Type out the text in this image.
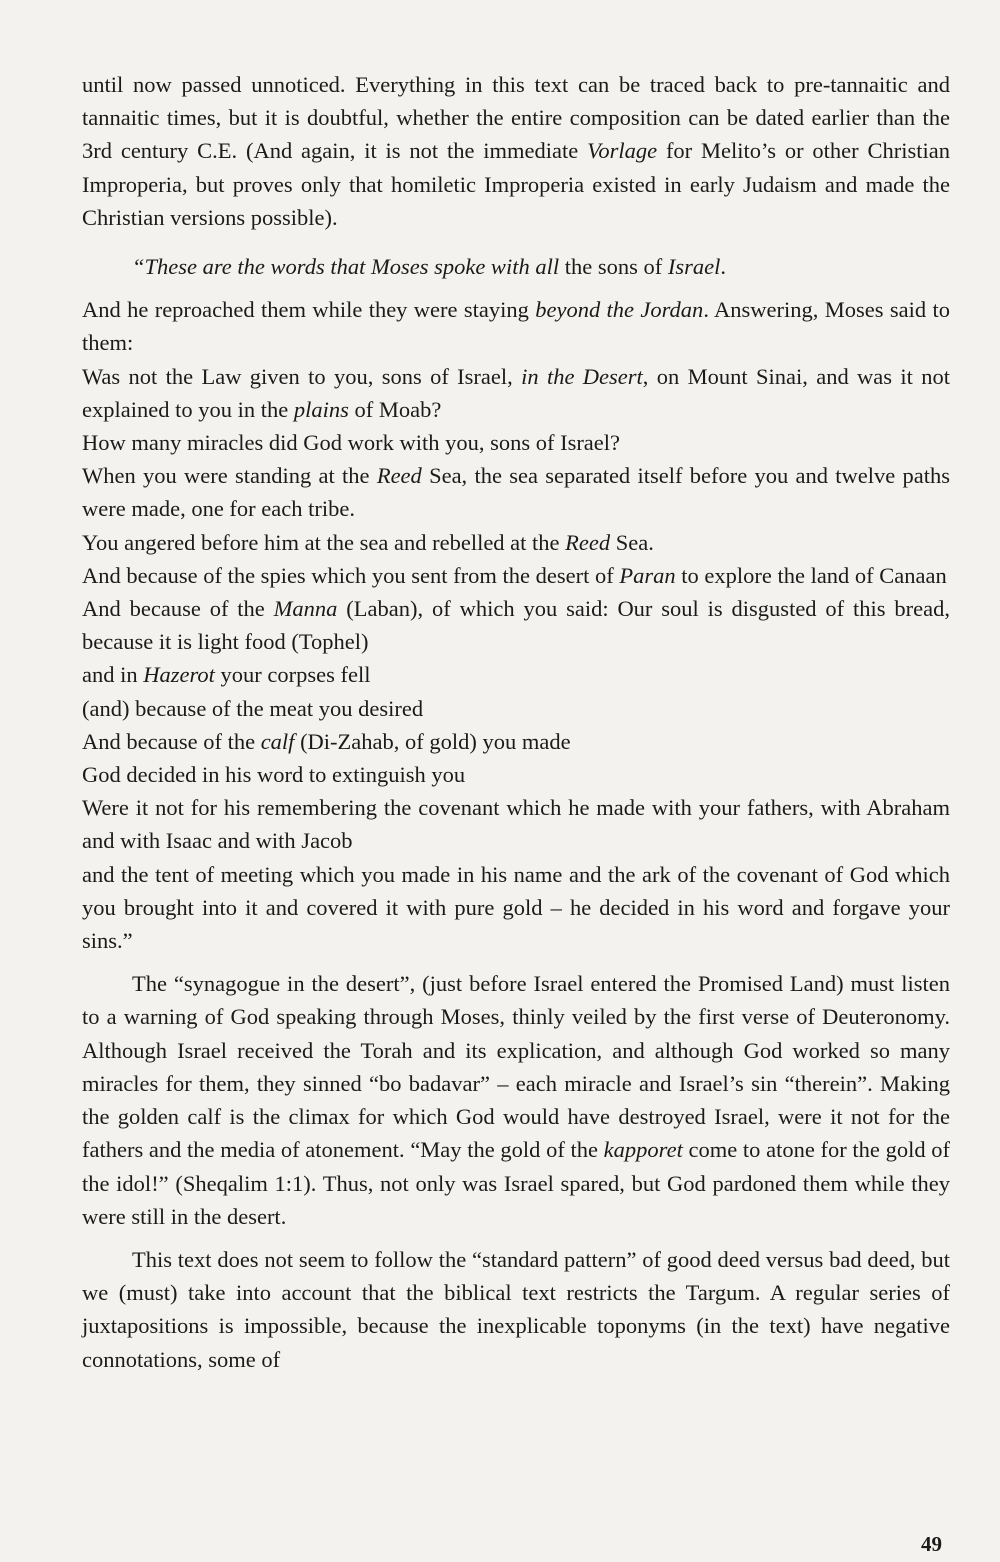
until now passed unnoticed. Everything in this text can be traced back to pre-tannaitic and tannaitic times, but it is doubtful, whether the entire composition can be dated earlier than the 3rd century C.E. (And again, it is not the immediate Vorlage for Melito’s or other Christian Improperia, but proves only that homiletic Improperia existed in early Judaism and made the Christian versions possible).

“These are the words that Moses spoke with all the sons of Israel.

And he reproached them while they were staying beyond the Jordan. Answering, Moses said to them:

Was not the Law given to you, sons of Israel, in the Desert, on Mount Sinai, and was it not explained to you in the plains of Moab?

How many miracles did God work with you, sons of Israel?

When you were standing at the Reed Sea, the sea separated itself before you and twelve paths were made, one for each tribe.

You angered before him at the sea and rebelled at the Reed Sea.

And because of the spies which you sent from the desert of Paran to explore the land of Canaan

And because of the Manna (Laban), of which you said: Our soul is disgusted of this bread, because it is light food (Tophel)

and in Hazerot your corpses fell

(and) because of the meat you desired

And because of the calf (Di-Zahab, of gold) you made

God decided in his word to extinguish you

Were it not for his remembering the covenant which he made with your fathers, with Abraham and with Isaac and with Jacob

and the tent of meeting which you made in his name and the ark of the covenant of God which you brought into it and covered it with pure gold – he decided in his word and forgave your sins.”

The “synagogue in the desert”, (just before Israel entered the Promised Land) must listen to a warning of God speaking through Moses, thinly veiled by the first verse of Deuteronomy. Although Israel received the Torah and its explication, and although God worked so many miracles for them, they sinned “bo badavar” – each miracle and Israel’s sin “therein”. Making the golden calf is the climax for which God would have destroyed Israel, were it not for the fathers and the media of atonement. “May the gold of the kapporet come to atone for the gold of the idol!” (Sheqalim 1:1). Thus, not only was Israel spared, but God pardoned them while they were still in the desert.

This text does not seem to follow the “standard pattern” of good deed versus bad deed, but we (must) take into account that the biblical text restricts the Targum. A regular series of juxtapositions is impossible, because the inexplicable toponyms (in the text) have negative connotations, some of

49
